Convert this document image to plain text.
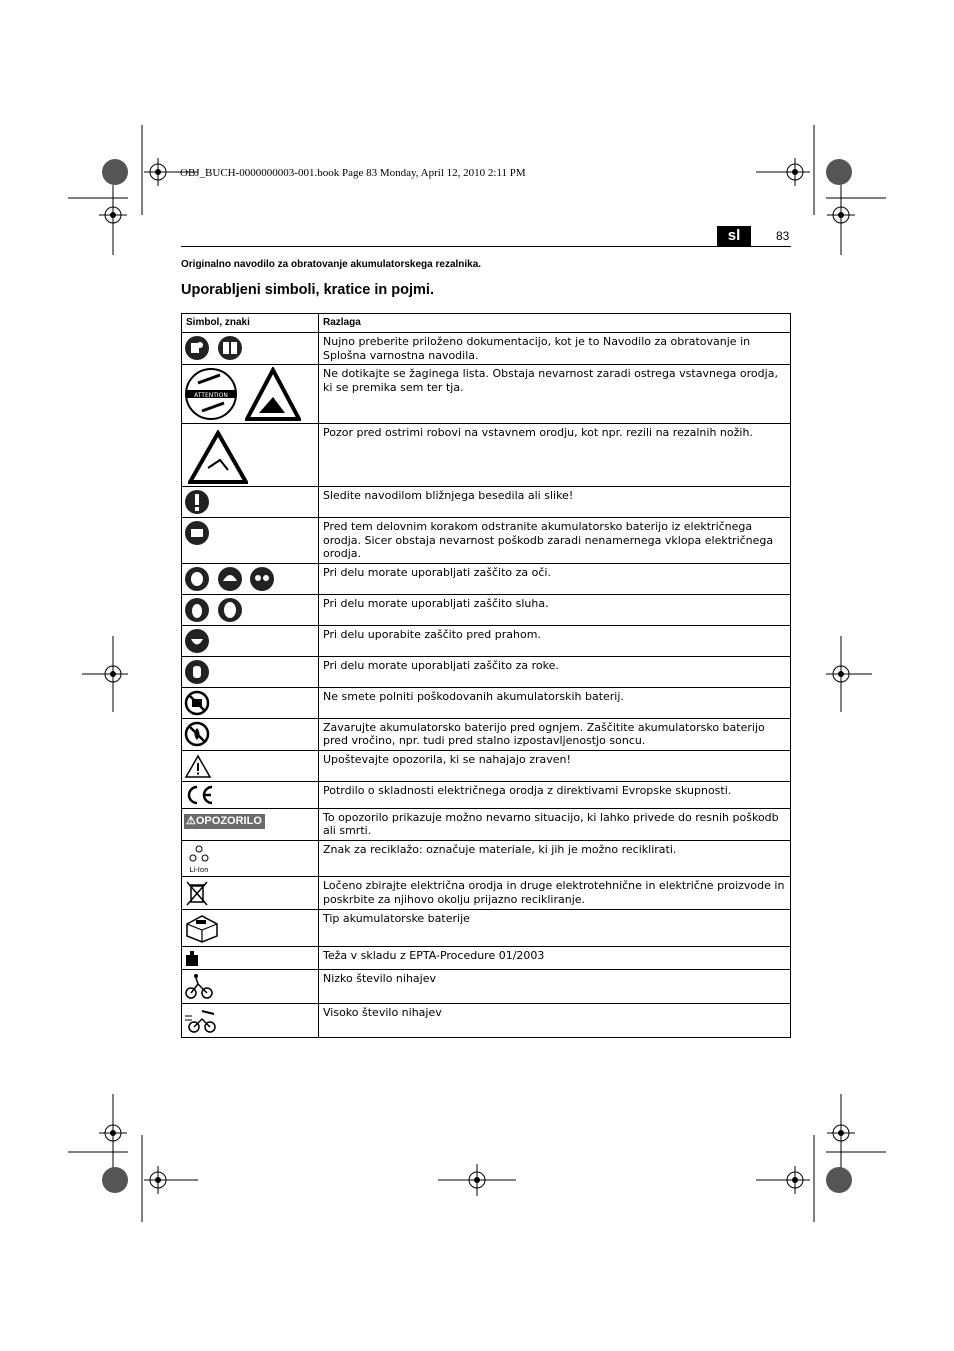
OBJ_BUCH-0000000003-001.book Page 83 Monday, April 12, 2010 2:11 PM
sl	83
Originalno navodilo za obratovanje akumulatorskega rezalnika.
Uporabljeni simboli, kratice in pojmi.
Simbol, znaki	Razlaga
	Nujno preberite priloženo dokumentacijo, kot je to Navodilo za obratovanje in Splošna varnostna navodila.

ATTENTION	Ne dotikajte se žaginega lista. Obstaja nevarnost zaradi ostrega vstavnega orodja, ki se premika sem ter tja.
	Pozor pred ostrimi robovi na vstavnem orodju, kot npr. rezili na rezalnih nožih.
	Sledite navodilom bližnjega besedila ali slike!
	Pred tem delovnim korakom odstranite akumulatorsko baterijo iz električnega orodja. Sicer obstaja nevarnost poškodb zaradi nenamernega vklopa električnega orodja.
	Pri delu morate uporabljati zaščito za oči.
	Pri delu morate uporabljati zaščito sluha.
	Pri delu uporabite zaščito pred prahom.
	Pri delu morate uporabljati zaščito za roke.
	Ne smete polniti poškodovanih akumulatorskih baterij.
	Zavarujte akumulatorsko baterijo pred ognjem. Zaščitite akumulatorsko baterijo pred vročino, npr. tudi pred stalno izpostavljenostjo soncu.
	Upoštevajte opozorila, ki se nahajajo zraven!
	Potrdilo o skladnosti električnega orodja z direktivami Evropske skupnosti.
⚠OPOZORILO	To opozorilo prikazuje možno nevarno situacijo, ki lahko privede do resnih poškodb ali smrti.

Li-Ion	Znak za reciklažo: označuje materiale, ki jih je možno reciklirati.
	Ločeno zbirajte električna orodja in druge elektrotehnične in električne proizvode in poskrbite za njihovo okolju prijazno recikliranje.
	Tip akumulatorske baterije
	Teža v skladu z EPTA-Procedure 01/2003
	Nizko število nihajev
	Visoko število nihajev
